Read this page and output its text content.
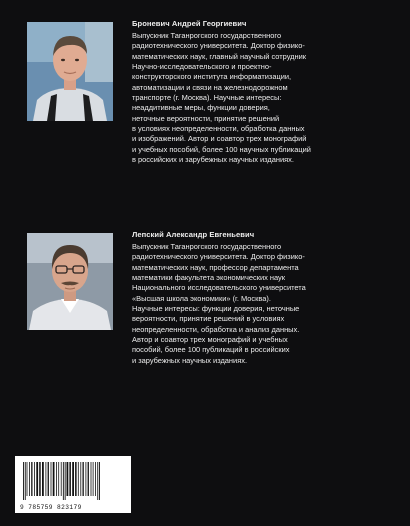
Броневич Андрей Георгиевич

Выпускник Таганрогского государственного
радиотехнического университета. Доктор физико-
математических наук, главный научный сотрудник
Научно-исследовательского и проектно-
конструкторского института информатизации,
автоматизации и связи на железнодорожном
транспорте (г. Москва). Научные интересы:
неаддитивные меры, функции доверия,
неточные вероятности, принятие решений
в условиях неопределенности, обработка данных
и изображений. Автор и соавтор трех монографий
и учебных пособий, более 100 научных публикаций
в российских и зарубежных научных изданиях.

Лепский Александр Евгеньевич

Выпускник Таганрогского государственного
радиотехнического университета. Доктор физико-
математических наук, профессор департамента
математики факультета экономических наук
Национального исследовательского университета
«Высшая школа экономики» (г. Москва).
Научные интересы: функции доверия, неточные
вероятности, принятие решений в условиях
неопределенности, обработка и анализ данных.
Автор и соавтор трех монографий и учебных
пособий, более 100 публикаций в российских
и зарубежных научных изданиях.

9 785759 823179
